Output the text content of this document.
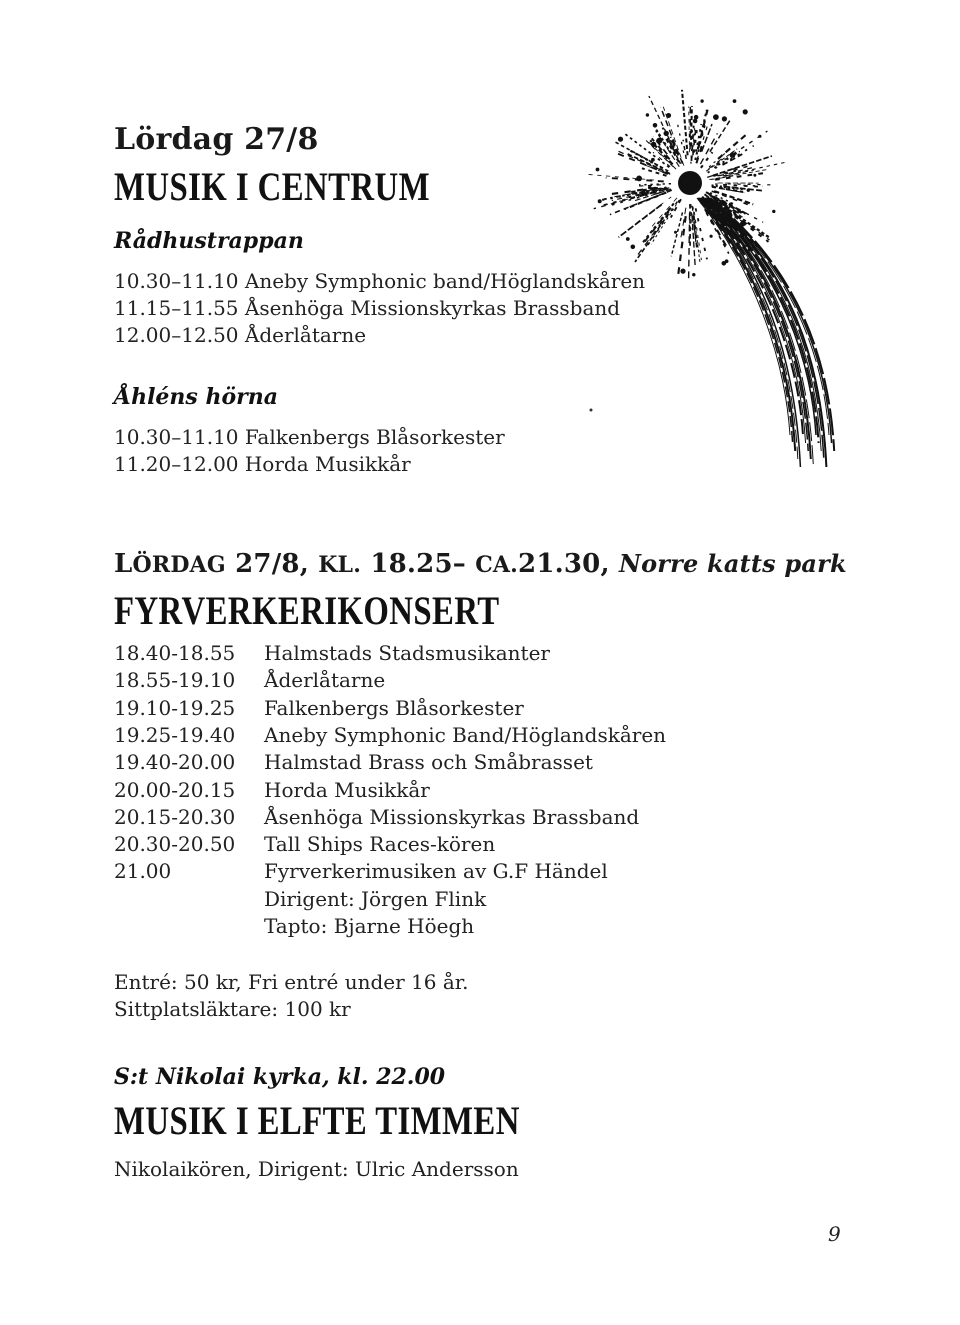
Lördag 27/8
MUSIK I CENTRUM
Rådhustrappan
10.30–11.10 Aneby Symphonic band/Höglandskåren
11.15–11.55 Åsenhöga Missionskyrkas Brassband
12.00–12.50 Åderlåtarne
Åhléns hörna
10.30–11.10 Falkenbergs Blåsorkester
11.20–12.00 Horda Musikkår
LÖRDAG 27/8, KL. 18.25– CA.21.30, Norre katts park
FYRVERKERIKONSERT
18.40-18.55 Halmstads Stadsmusikanter
18.55-19.10 Åderlåtarne
19.10-19.25 Falkenbergs Blåsorkester
19.25-19.40 Aneby Symphonic Band/Höglandskåren
19.40-20.00 Halmstad Brass och Småbrasset
20.00-20.15 Horda Musikkår
20.15-20.30 Åsenhöga Missionskyrkas Brassband
20.30-20.50 Tall Ships Races-kören
21.00	Fyrverkerimusiken av G.F Händel
Dirigent: Jörgen Flink
Tapto: Bjarne Höegh
Entré: 50 kr, Fri entré under 16 år.
Sittplatsläktare: 100 kr
S:t Nikolai kyrka, kl. 22.00
MUSIK I ELFTE TIMMEN
Nikolaikören, Dirigent: Ulric Andersson
9
